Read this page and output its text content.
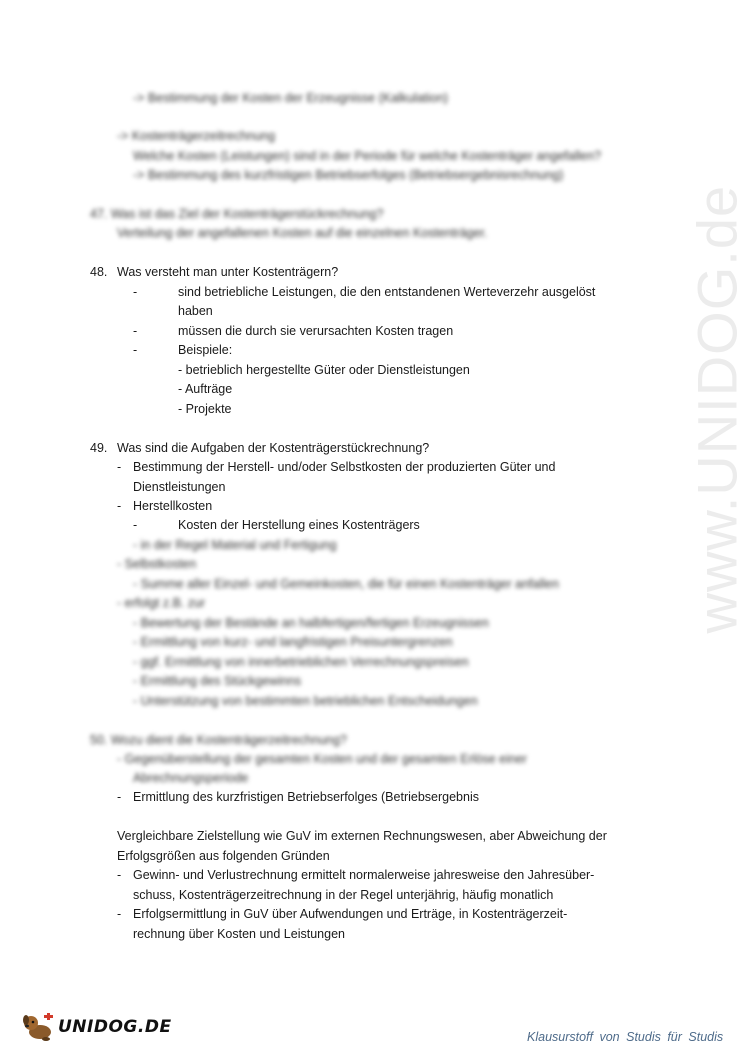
www.UNIDOG.de
-> Bestimmung der Kosten der Erzeugnisse (Kalkulation)
-> Kostenträgerzeitrechnung
Welche Kosten (Leistungen) sind in der Periode für welche Kostenträger angefallen?
-> Bestimmung des kurzfristigen Betriebserfolges (Betriebsergebnisrechnung)
47. Was ist das Ziel der Kostenträgerstückrechnung?
Verteilung der angefallenen Kosten auf die einzelnen Kostenträger.
48. Was versteht man unter Kostenträgern?
-	sind betriebliche Leistungen, die den entstandenen Werteverzehr ausgelöst
haben
-	müssen die durch sie verursachten Kosten tragen
-	Beispiele:
- betrieblich hergestellte Güter oder Dienstleistungen
- Aufträge
- Projekte
49. Was sind die Aufgaben der Kostenträgerstückrechnung?
- Bestimmung der Herstell- und/oder Selbstkosten der produzierten Güter und
Dienstleistungen
- Herstellkosten
-	Kosten der Herstellung eines Kostenträgers
- in der Regel Material und Fertigung
- Selbstkosten
- Summe aller Einzel- und Gemeinkosten, die für einen Kostenträger anfallen
- erfolgt z.B. zur
- Bewertung der Bestände an halbfertigen/fertigen Erzeugnissen
- Ermittlung von kurz- und langfristigen Preisuntergrenzen
- ggf. Ermittlung von innerbetrieblichen Verrechnungspreisen
- Ermittlung des Stückgewinns
- Unterstützung von bestimmten betrieblichen Entscheidungen
50. Wozu dient die Kostenträgerzeitrechnung?
- Gegenüberstellung der gesamten Kosten und der gesamten Erlöse einer
Abrechnungsperiode
- Ermittlung des kurzfristigen Betriebserfolges (Betriebsergebnis
Vergleichbare Zielstellung wie GuV im externen Rechnungswesen, aber Abweichung der
Erfolgsgrößen aus folgenden Gründen
- Gewinn- und Verlustrechnung ermittelt normalerweise jahresweise den Jahresüber-
schuss, Kostenträgerzeitrechnung in der Regel unterjährig, häufig monatlich
- Erfolgsermittlung in GuV über Aufwendungen und Erträge, in Kostenträgerzeit-
rechnung über Kosten und Leistungen
UNIDOG.DE	Klausurstoff von Studis für Studis
